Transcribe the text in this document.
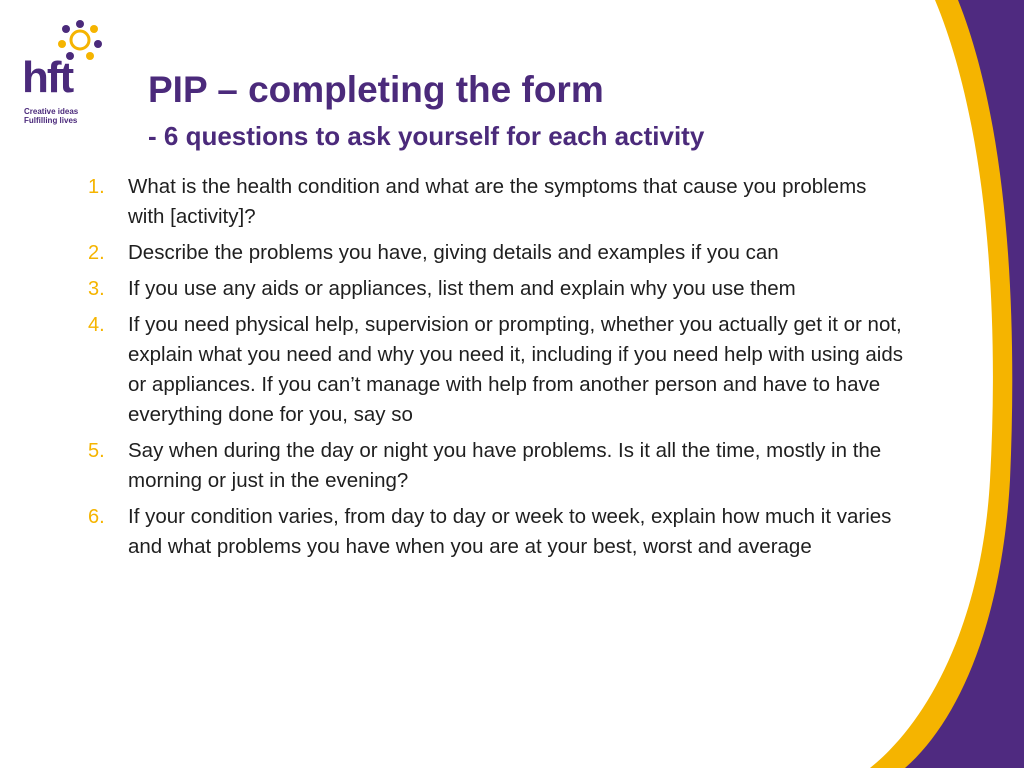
hft
Creative ideas
Fulfilling lives
PIP – completing the form
- 6 questions to ask yourself for each activity
1. What is the health condition and what are the symptoms that cause you problems with [activity]?
2. Describe the problems you have, giving details and examples if you can
3. If you use any aids or appliances, list them and explain why you use them
4. If you need physical help, supervision or prompting, whether you actually get it or not, explain what you need and why you need it, including if you need help with using aids or appliances. If you can’t manage with help from another person and have to have everything done for you, say so
5. Say when during the day or night you have problems. Is it all the time, mostly in the morning or just in the evening?
6. If your condition varies, from day to day or week to week, explain how much it varies and what problems you have when you are at your best, worst and average
